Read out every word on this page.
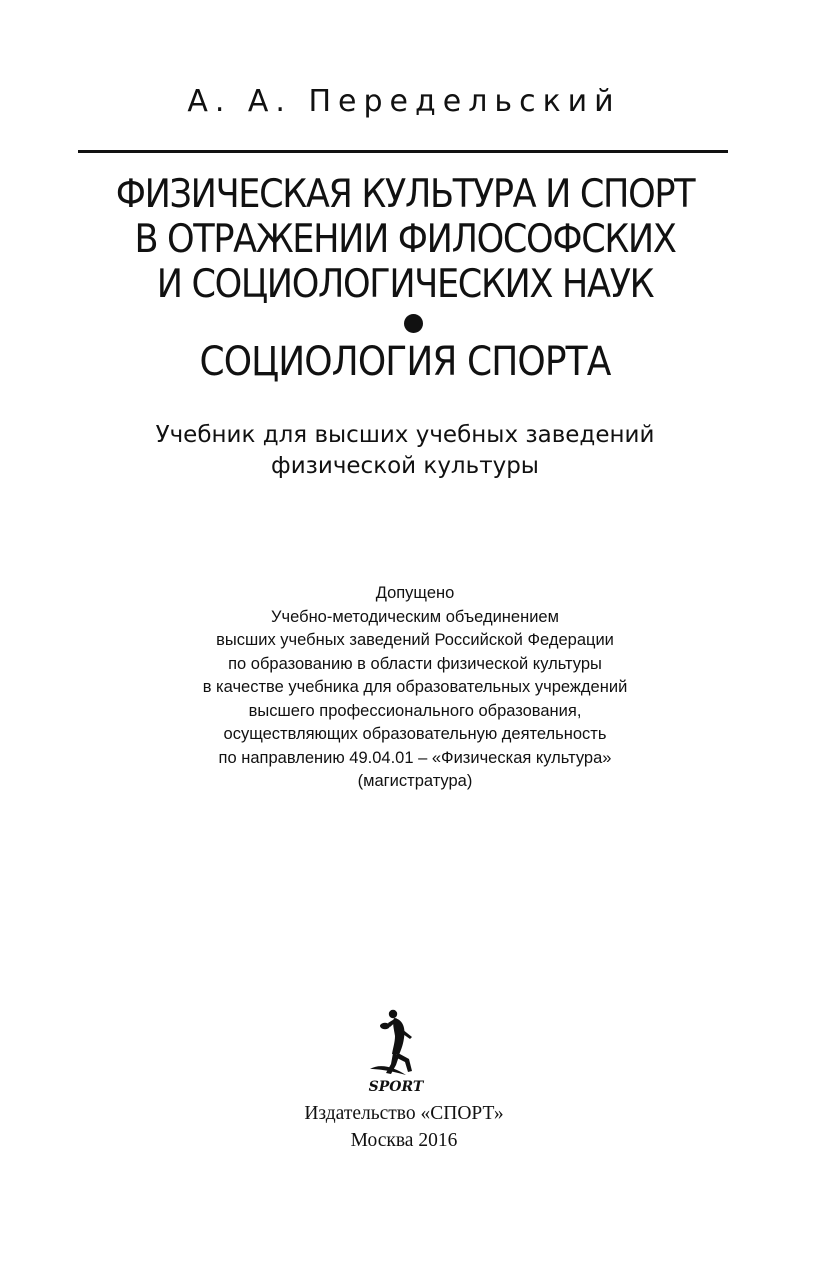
А. А. Передельский
ФИЗИЧЕСКАЯ КУЛЬТУРА И СПОРТ
В ОТРАЖЕНИИ ФИЛОСОФСКИХ
И СОЦИОЛОГИЧЕСКИХ НАУК
СОЦИОЛОГИЯ СПОРТА
Учебник для высших учебных заведений
физической культуры
Допущено
Учебно-методическим объединением
высших учебных заведений Российской Федерации
по образованию в области физической культуры
в качестве учебника для образовательных учреждений
высшего профессионального образования,
осуществляющих образовательную деятельность
по направлению 49.04.01 – «Физическая культура»
(магистратура)
SPORT
Издательство «СПОРТ»
Москва 2016
